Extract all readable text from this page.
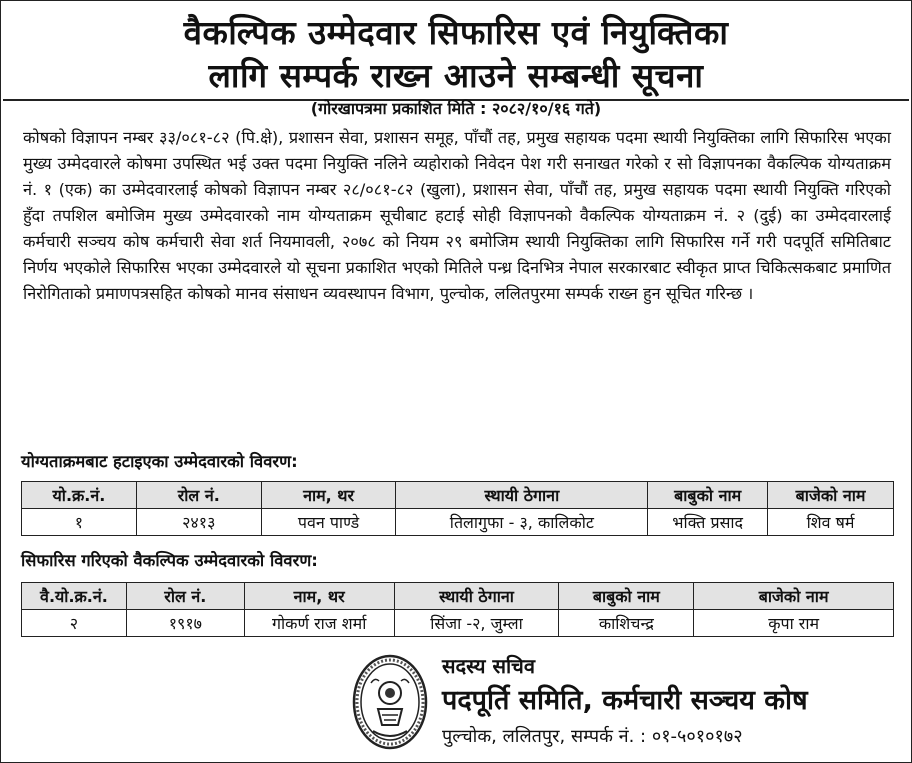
वैकल्पिक उम्मेदवार सिफारिस एवं नियुक्तिका
लागि सम्पर्क राख्न आउने सम्बन्धी सूचना
(गोरखापत्रमा प्रकाशित मिति : २०८२/१०/१६ गते)
कोषको विज्ञापन नम्बर ३३/०८१-८२ (पि.क्षे), प्रशासन सेवा, प्रशासन समूह, पाँचौं तह, प्रमुख सहायक पदमा स्थायी नियुक्तिका लागि सिफारिस भएका मुख्य उम्मेदवारले कोषमा उपस्थित भई उक्त पदमा नियुक्ति नलिने व्यहोराको निवेदन पेश गरी सनाखत गरेको र सो विज्ञापनका वैकल्पिक योग्यताक्रम नं. १ (एक) का उम्मेदवारलाई कोषको विज्ञापन नम्बर २८/०८१-८२ (खुला), प्रशासन सेवा, पाँचौं तह, प्रमुख सहायक पदमा स्थायी नियुक्ति गरिएको हुँदा तपशिल बमोजिम मुख्य उम्मेदवारको नाम योग्यताक्रम सूचीबाट हटाई सोही विज्ञापनको वैकल्पिक योग्यताक्रम नं. २ (दुई) का उम्मेदवारलाई कर्मचारी सञ्चय कोष कर्मचारी सेवा शर्त नियमावली, २०७८ को नियम २९ बमोजिम स्थायी नियुक्तिका लागि सिफारिस गर्ने गरी पदपूर्ति समितिबाट निर्णय भएकोले सिफारिस भएका उम्मेदवारले यो सूचना प्रकाशित भएको मितिले पन्ध्र दिनभित्र नेपाल सरकारबाट स्वीकृत प्राप्त चिकित्सकबाट प्रमाणित निरोगिताको प्रमाणपत्रसहित कोषको मानव संसाधन व्यवस्थापन विभाग, पुल्चोक, ललितपुरमा सम्पर्क राख्न हुन सूचित गरिन्छ ।
योग्यताक्रमबाट हटाइएका उम्मेदवारको विवरण:
यो.क्र.नं.	रोल नं.	नाम, थर	स्थायी ठेगाना	बाबुको नाम	बाजेको नाम
१	२४१३	पवन पाण्डे	तिलागुफा - ३, कालिकोट	भक्ति प्रसाद	शिव षर्म
सिफारिस गरिएको वैकल्पिक उम्मेदवारको विवरण:
वै.यो.क्र.नं.	रोल नं.	नाम, थर	स्थायी ठेगाना	बाबुको नाम	बाजेको नाम
२	१९१७	गोकर्ण राज शर्मा	सिंजा -२, जुम्ला	काशिचन्द्र	कृपा राम
सदस्य सचिव
पदपूर्ति समिति, कर्मचारी सञ्चय कोष
पुल्चोक, ललितपुर, सम्पर्क नं. : ०१-५०१०१७२
